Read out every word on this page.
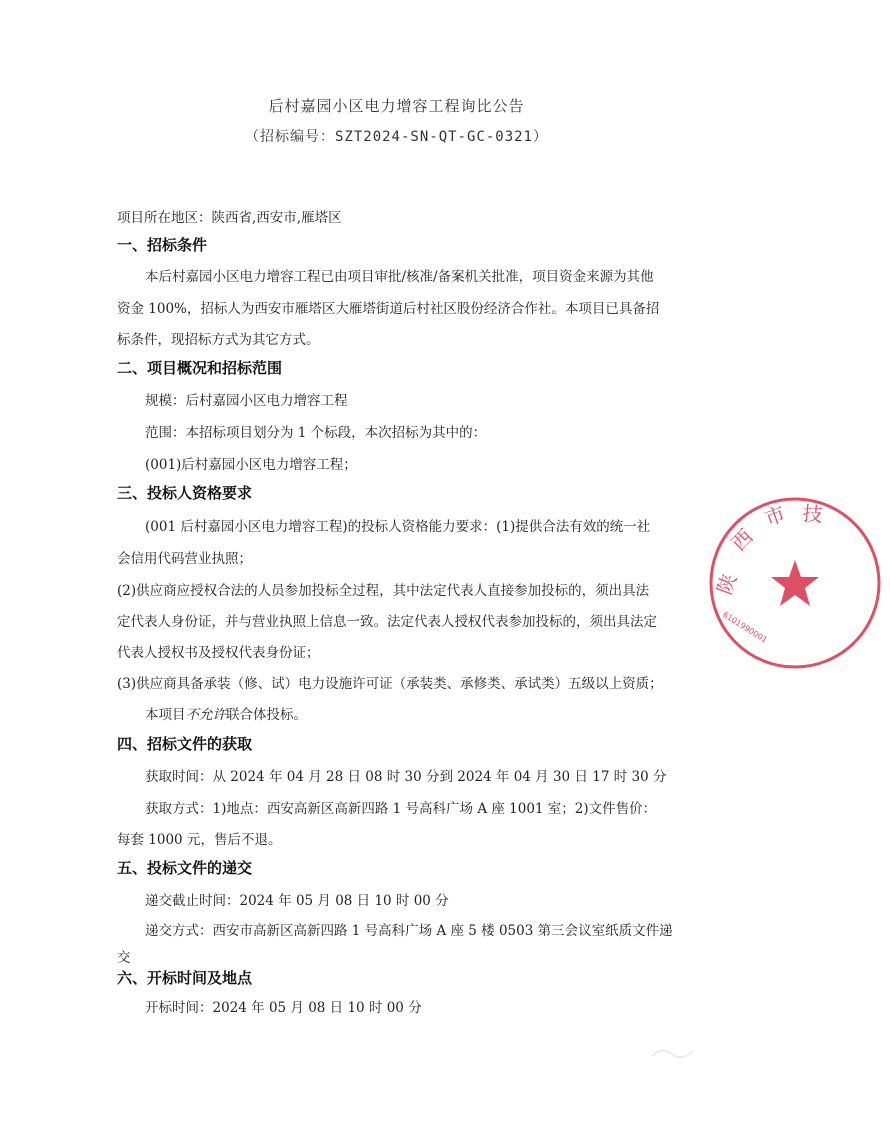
后村嘉园小区电力增容工程询比公告
（招标编号：SZT2024-SN-QT-GC-0321）
项目所在地区：陕西省,西安市,雁塔区
一、招标条件
本后村嘉园小区电力增容工程已由项目审批/核准/备案机关批准，项目资金来源为其他
资金 100%，招标人为西安市雁塔区大雁塔街道后村社区股份经济合作社。本项目已具备招
标条件，现招标方式为其它方式。
二、项目概况和招标范围
规模：后村嘉园小区电力增容工程
范围：本招标项目划分为 1 个标段，本次招标为其中的：
(001)后村嘉园小区电力增容工程；
三、投标人资格要求
(001 后村嘉园小区电力增容工程)的投标人资格能力要求：(1)提供合法有效的统一社
会信用代码营业执照；
(2)供应商应授权合法的人员参加投标全过程，其中法定代表人直接参加投标的，须出具法
定代表人身份证，并与营业执照上信息一致。法定代表人授权代表参加投标的，须出具法定
代表人授权书及授权代表身份证；
(3)供应商具备承装（修、试）电力设施许可证（承装类、承修类、承试类）五级以上资质；
本项目不允许联合体投标。
四、招标文件的获取
获取时间：从 2024 年 04 月 28 日 08 时 30 分到 2024 年 04 月 30 日 17 时 30 分
获取方式：1)地点：西安高新区高新四路 1 号高科广场 A 座 1001 室；2)文件售价：
每套 1000 元，售后不退。
五、投标文件的递交
递交截止时间：2024 年 05 月 08 日 10 时 00 分
递交方式：西安市高新区高新四路 1 号高科广场 A 座 5 楼 0503 第三会议室纸质文件递
交
六、开标时间及地点
开标时间：2024 年 05 月 08 日 10 时 00 分
陕
西
市 技
6101990001
